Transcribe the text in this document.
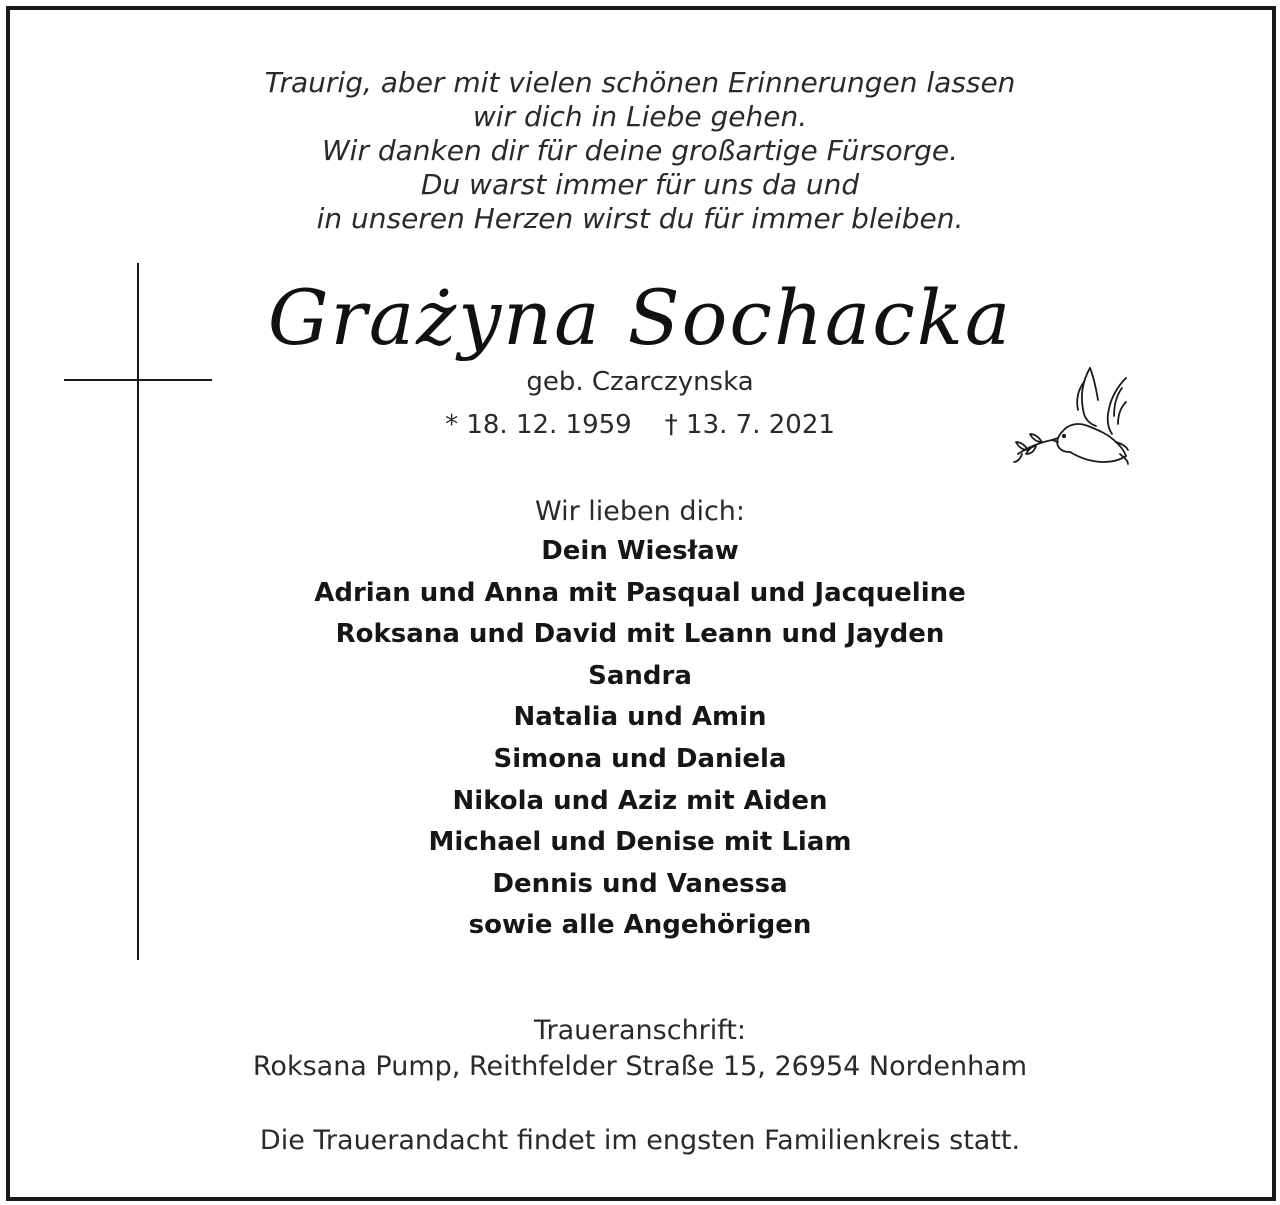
Traurig, aber mit vielen schönen Erinnerungen lassen
wir dich in Liebe gehen.
Wir danken dir für deine großartige Fürsorge.
Du warst immer für uns da und
in unseren Herzen wirst du für immer bleiben.
Grażyna Sochacka
geb. Czarczynska
* 18. 12. 1959 † 13. 7. 2021
Wir lieben dich:
Dein Wiesław
Adrian und Anna mit Pasqual und Jacqueline
Roksana und David mit Leann und Jayden
Sandra
Natalia und Amin
Simona und Daniela
Nikola und Aziz mit Aiden
Michael und Denise mit Liam
Dennis und Vanessa
sowie alle Angehörigen
Traueranschrift:
Roksana Pump, Reithfelder Straße 15, 26954 Nordenham
Die Trauerandacht findet im engsten Familienkreis statt.
